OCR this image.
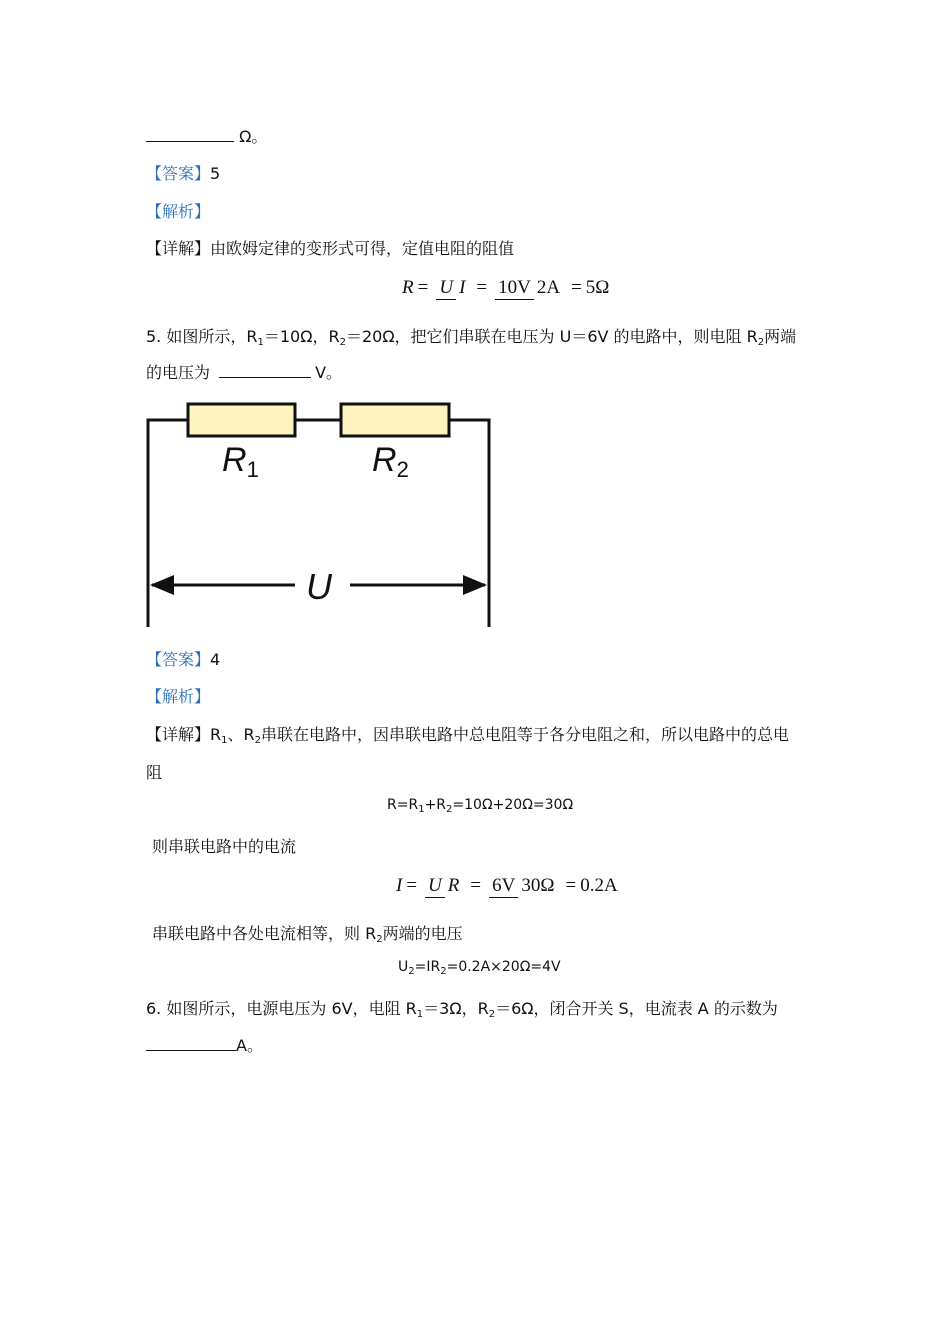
Ω。
【答案】5
【解析】
【详解】由欧姆定律的变形式可得，定值电阻的阻值
R = U I = 10V 2A = 5Ω
5. 如图所示，$R_1=10\Omega$，$R_2=20\Omega$，把它们串联在电压为 U＝6V 的电路中，则电阻 $R_2$两端
的电压为	V。
R1	R2
U
【答案】4
【解析】
【详解】$R_1$、$R_2$串联在电路中，因串联电路中总电阻等于各分电阻之和，所以电路中的总电
阻
$R=R_1+R_2=10\Omega+20\Omega=30\Omega$
则串联电路中的电流
I = U R = 6V 30Ω = 0.2A
串联电路中各处电流相等，则 $R_2$两端的电压
$U_2=IR_2=0.2A\times 20\Omega=4V$
6. 如图所示，电源电压为 6V，电阻 $R_1=3\Omega$，$R_2=6\Omega$，闭合开关 S，电流表 A 的示数为
A。
